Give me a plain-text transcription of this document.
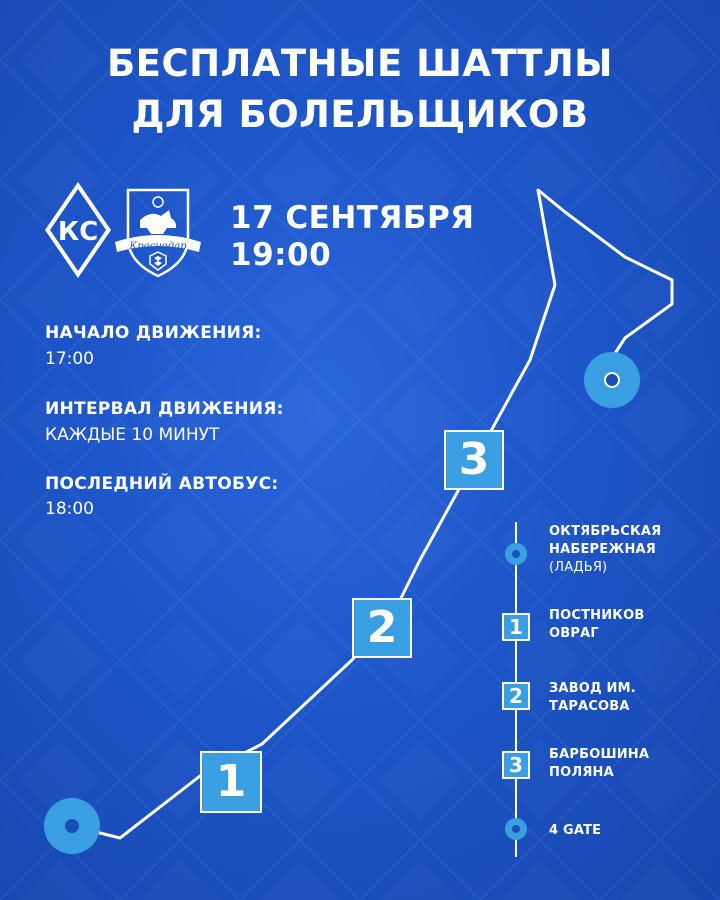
БЕСПЛАТНЫЕ ШАТТЛЫ
ДЛЯ БОЛЕЛЬЩИКОВ
КС	Краснодар
17 СЕНТЯБРЯ
19:00
НАЧАЛО ДВИЖЕНИЯ:
17:00
ИНТЕРВАЛ ДВИЖЕНИЯ:
КАЖДЫЕ 10 МИНУТ
ПОСЛЕДНИЙ АВТОБУС:
18:00
1
2
3
1
2
3
ОКТЯБРЬСКАЯ
НАБЕРЕЖНАЯ
(ЛАДЬЯ)
ПОСТНИКОВ
ОВРАГ
ЗАВОД ИМ.
ТАРАСОВА
БАРБОШИНА
ПОЛЯНА
4 GATE
